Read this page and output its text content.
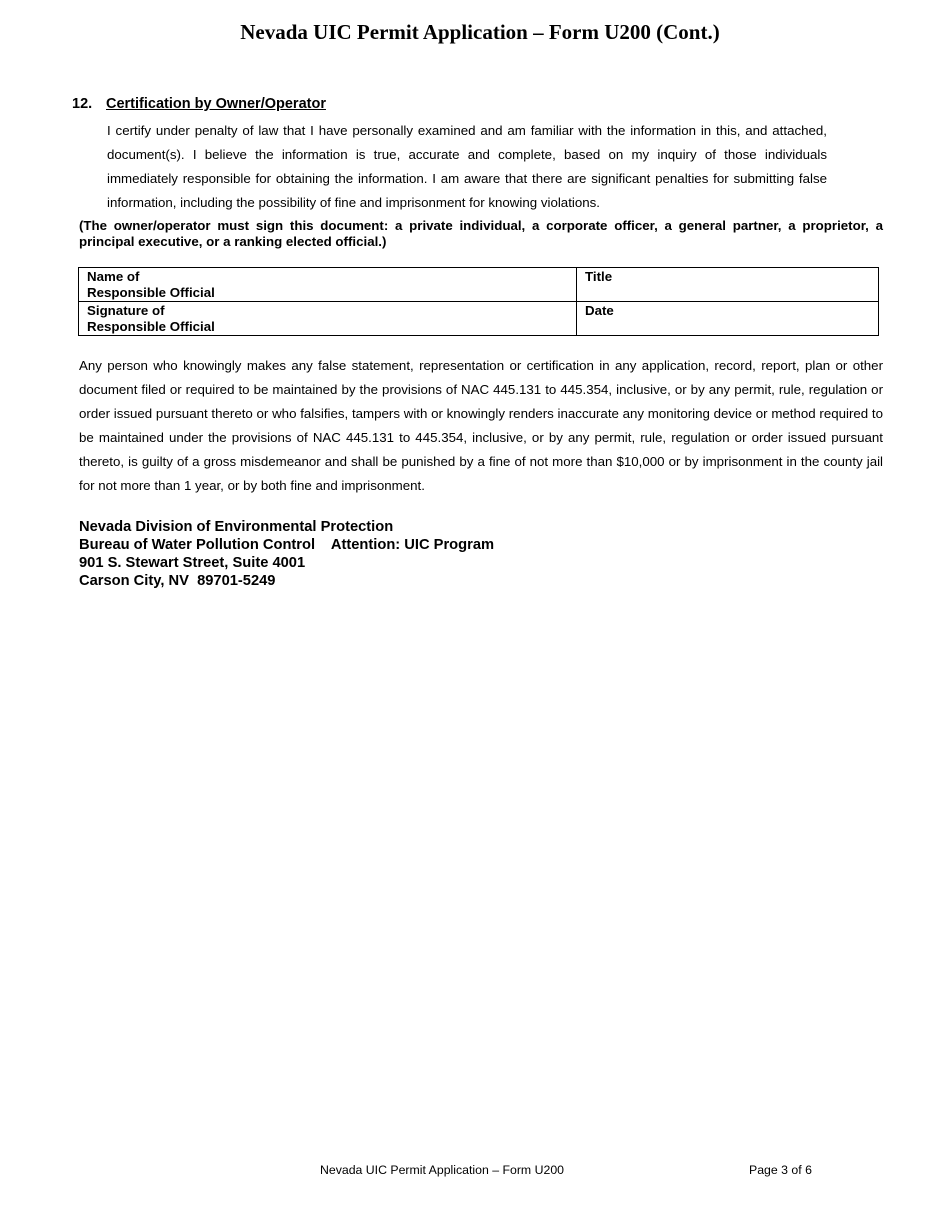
Nevada UIC Permit Application – Form U200 (Cont.)
12. Certification by Owner/Operator
I certify under penalty of law that I have personally examined and am familiar with the information in this, and attached, document(s). I believe the information is true, accurate and complete, based on my inquiry of those individuals immediately responsible for obtaining the information. I am aware that there are significant penalties for submitting false information, including the possibility of fine and imprisonment for knowing violations.
(The owner/operator must sign this document: a private individual, a corporate officer, a general partner, a proprietor, a principal executive, or a ranking elected official.)
Name of
Responsible Official	Title

Signature of
Responsible Official	Date
Any person who knowingly makes any false statement, representation or certification in any application, record, report, plan or other document filed or required to be maintained by the provisions of NAC 445.131 to 445.354, inclusive, or by any permit, rule, regulation or order issued pursuant thereto or who falsifies, tampers with or knowingly renders inaccurate any monitoring device or method required to be maintained under the provisions of NAC 445.131 to 445.354, inclusive, or by any permit, rule, regulation or order issued pursuant thereto, is guilty of a gross misdemeanor and shall be punished by a fine of not more than $10,000 or by imprisonment in the county jail for not more than 1 year, or by both fine and imprisonment.
Nevada Division of Environmental Protection
Bureau of Water Pollution Control    Attention: UIC Program
901 S. Stewart Street, Suite 4001
Carson City, NV  89701-5249
Nevada UIC Permit Application – Form U200	Page 3 of 6
